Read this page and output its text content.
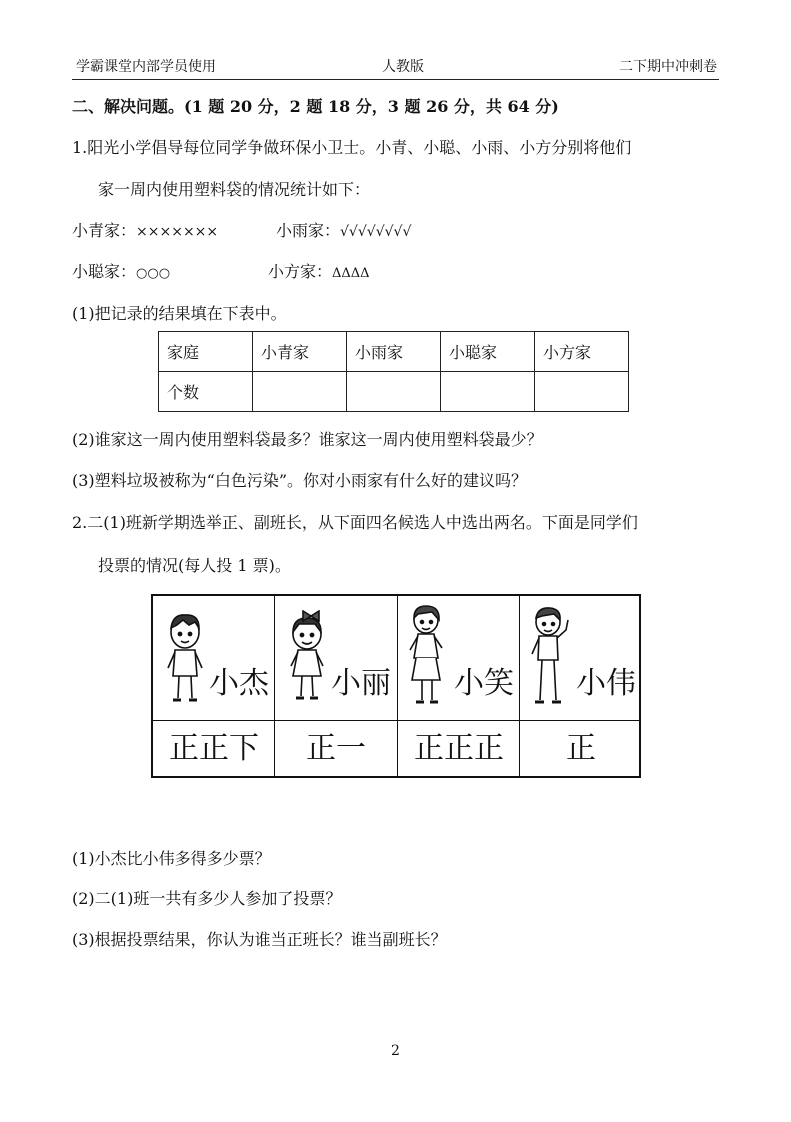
学霸课堂内部学员使用	人教版	二下期中冲刺卷
二、解决问题。(1 题 20 分，2 题 18 分，3 题 26 分，共 64 分)
1.阳光小学倡导每位同学争做环保小卫士。小青、小聪、小雨、小方分别将他们
家一周内使用塑料袋的情况统计如下：
小青家：×××××××	小雨家：√√√√√√√√
小聪家：○○○	小方家：ΔΔΔΔ
(1)把记录的结果填在下表中。
家庭	小青家	小雨家	小聪家	小方家
个数				
(2)谁家这一周内使用塑料袋最多？谁家这一周内使用塑料袋最少？
(3)塑料垃圾被称为“白色污染”。你对小雨家有什么好的建议吗？
2.二(1)班新学期选举正、副班长，从下面四名候选人中选出两名。下面是同学们
投票的情况(每人投 1 票)。
小杰 小丽 小笑 小伟
正正下	正一	正正正	正
(1)小杰比小伟多得多少票？
(2)二(1)班一共有多少人参加了投票？
(3)根据投票结果，你认为谁当正班长？谁当副班长？
2
